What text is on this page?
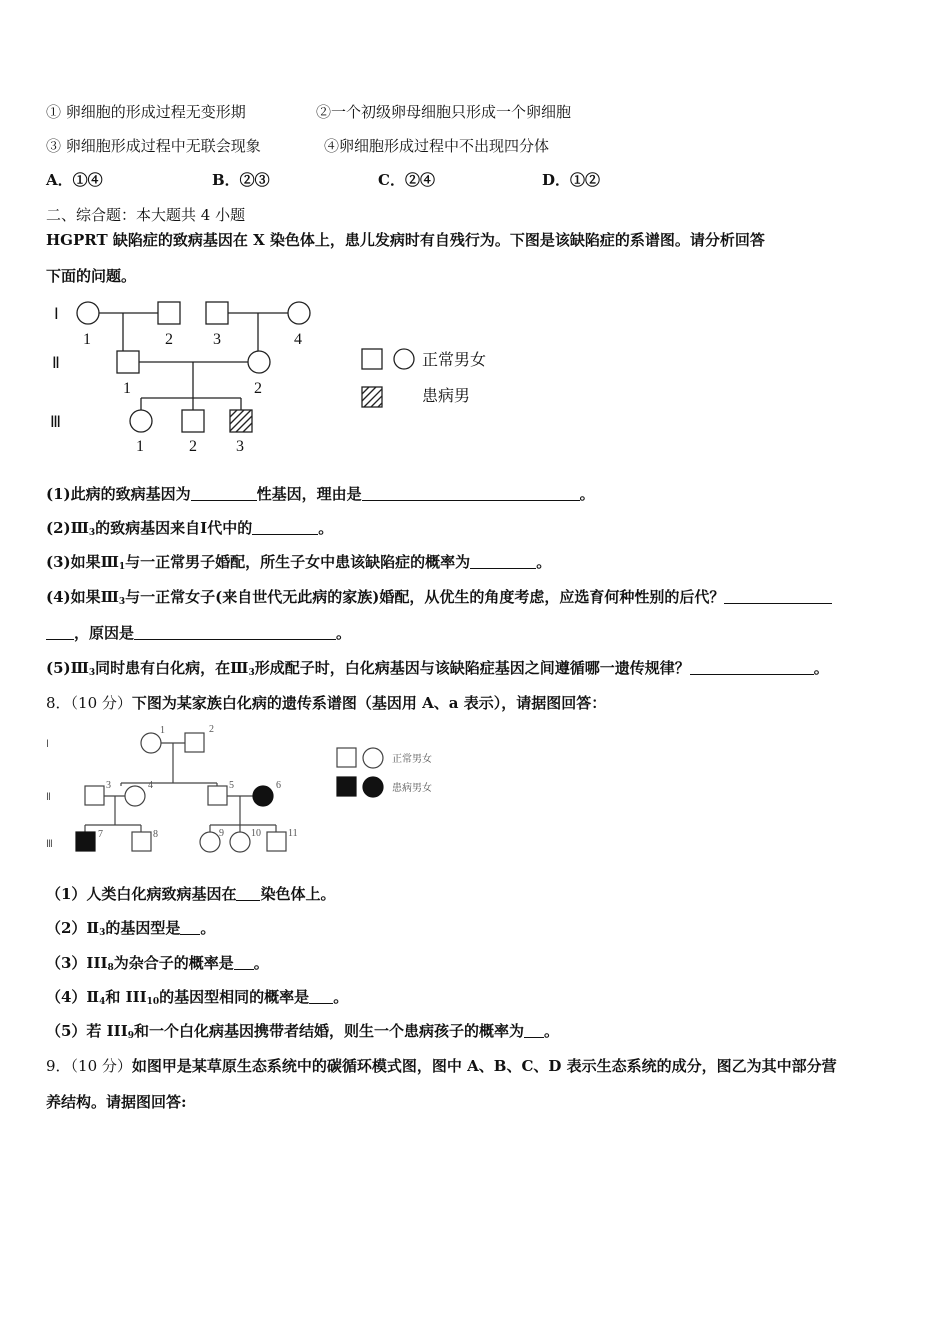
① 卵细胞的形成过程无变形期	②一个初级卵母细胞只形成一个卵细胞
③ 卵细胞形成过程中无联会现象	④卵细胞形成过程中不出现四分体
A．①④	B．②③	C．②④	D．①②
二、综合题：本大题共 4 小题
HGPRT 缺陷症的致病基因在 X 染色体上，患儿发病时有自残行为。下图是该缺陷症的系谱图。请分析回答
下面的问题。
Ⅰ
Ⅱ
Ⅲ
1	2	3	4
1	2
1	2 3
正常男女
患病男
(1)此病的致病基因为	性基因，理由是	。
$(2)Ⅲ_3$的致病基因来自Ⅰ代中的	。
(3)如果$Ⅲ_1$与一正常男子婚配，所生子女中患该缺陷症的概率为	。
(4)如果$Ⅲ_3$与一正常女子(来自世代无此病的家族)婚配，从优生的角度考虑，应选育何种性别的后代？
，原因是	。
$(5)Ⅲ_3$同时患有白化病，在$Ⅲ_3$形成配子时，白化病基因与该缺陷症基因之间遵循哪一遗传规律？	。
8．（10 分）下图为某家族白化病的遗传系谱图（基因用 A、a 表示），请据图回答：
Ⅰ
Ⅱ
Ⅲ
1	2
3	4	5	6
7	8	9	10	11
正常男女
患病男女
（1）人类白化病致病基因在 染色体上。
$(2)Ⅱ_3$的基因型是 。
$(3)III_8$为杂合子的概率是 。
$(4)Ⅱ_4$和 $III_{10}$的基因型相同的概率是 。
（5）若 $III_9$和一个白化病基因携带者结婚，则生一个患病孩子的概率为 。
9．（10 分）如图甲是某草原生态系统中的碳循环模式图，图中 A、B、C、D 表示生态系统的成分，图乙为其中部分营
养结构。请据图回答:
